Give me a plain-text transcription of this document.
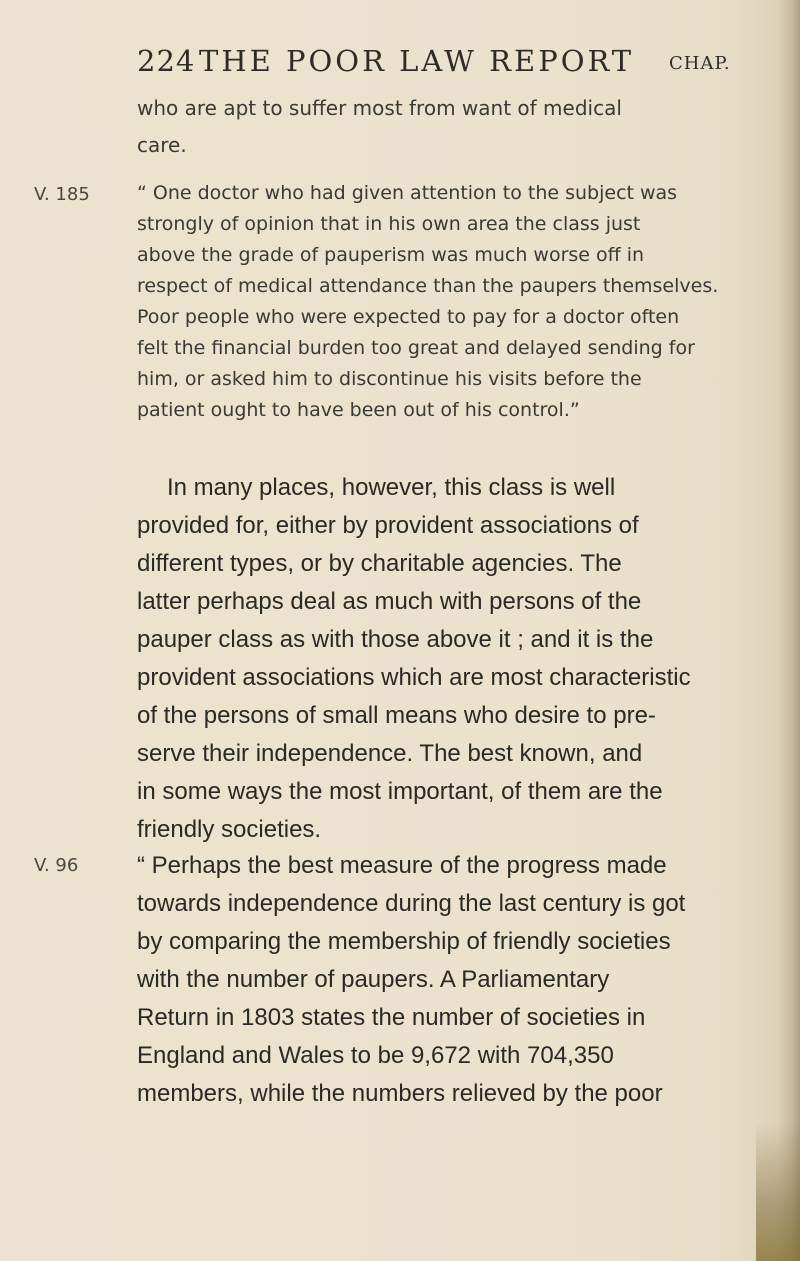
224 THE POOR LAW REPORT CHAP.
who are apt to suffer most from want of medical
care.
V. 185 “ One doctor who had given attention to the subject was
strongly of opinion that in his own area the class just
above the grade of pauperism was much worse off in
respect of medical attendance than the paupers themselves.
Poor people who were expected to pay for a doctor often
felt the financial burden too great and delayed sending for
him, or asked him to discontinue his visits before the
patient ought to have been out of his control.”
In many places, however, this class is well
provided for, either by provident associations of
different types, or by charitable agencies. The
latter perhaps deal as much with persons of the
pauper class as with those above it ; and it is the
provident associations which are most characteristic
of the persons of small means who desire to pre-
serve their independence. The best known, and
in some ways the most important, of them are the
friendly societies.
V. 96 “ Perhaps the best measure of the progress made
towards independence during the last century is got
by comparing the membership of friendly societies
with the number of paupers. A Parliamentary
Return in 1803 states the number of societies in
England and Wales to be 9,672 with 704,350
members, while the numbers relieved by the poor
